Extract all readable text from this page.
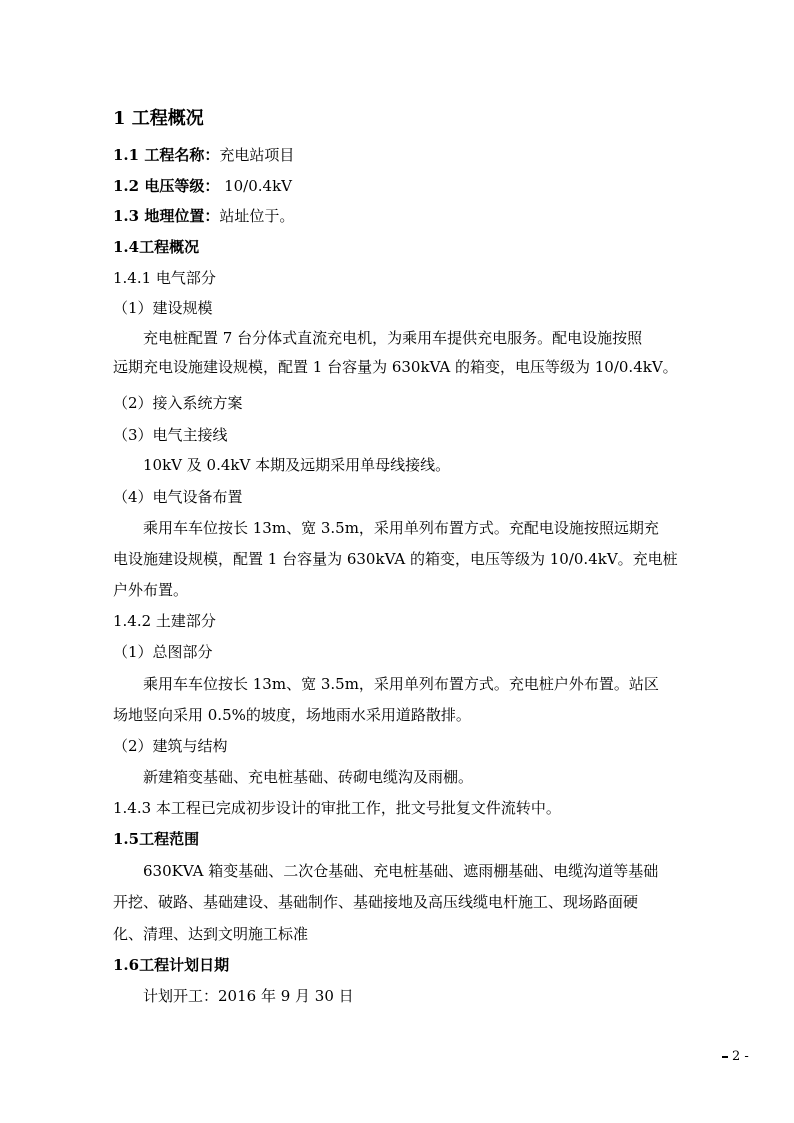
1 工程概况
1.1 工程名称：充电站项目
1.2 电压等级： 10/0.4kV
1.3 地理位置：站址位于。
1.4工程概况
1.4.1 电气部分
（1）建设规模
充电桩配置 7 台分体式直流充电机，为乘用车提供充电服务。配电设施按照
远期充电设施建设规模，配置 1 台容量为 630kVA 的箱变，电压等级为 10/0.4kV。
（2）接入系统方案
（3）电气主接线
10kV 及 0.4kV 本期及远期采用单母线接线。
（4）电气设备布置
乘用车车位按长 13m、宽 3.5m，采用单列布置方式。充配电设施按照远期充
电设施建设规模，配置 1 台容量为 630kVA 的箱变，电压等级为 10/0.4kV。充电桩
户外布置。
1.4.2 土建部分
（1）总图部分
乘用车车位按长 13m、宽 3.5m，采用单列布置方式。充电桩户外布置。站区
场地竖向采用 0.5%的坡度，场地雨水采用道路散排。
（2）建筑与结构
新建箱变基础、充电桩基础、砖砌电缆沟及雨棚。
1.4.3 本工程已完成初步设计的审批工作，批文号批复文件流转中。
1.5工程范围
630KVA 箱变基础、二次仓基础、充电桩基础、遮雨棚基础、电缆沟道等基础
开挖、破路、基础建设、基础制作、基础接地及高压线缆电杆施工、现场路面硬
化、清理、达到文明施工标准
1.6工程计划日期
计划开工：2016 年 9 月 30 日
2 -
